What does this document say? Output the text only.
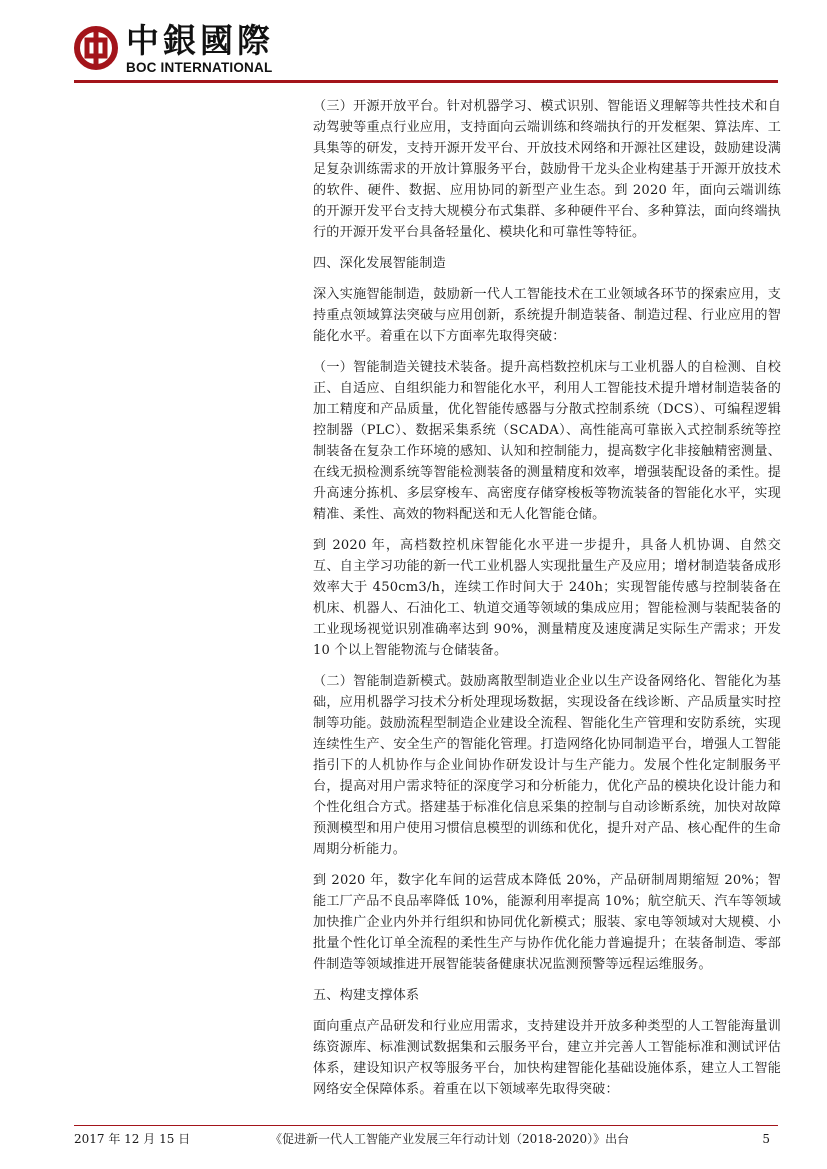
中銀國際
BOC INTERNATIONAL

（三）开源开放平台。针对机器学习、模式识别、智能语义理解等共性技术和自动驾驶等重点行业应用，支持面向云端训练和终端执行的开发框架、算法库、工具集等的研发，支持开源开发平台、开放技术网络和开源社区建设，鼓励建设满足复杂训练需求的开放计算服务平台，鼓励骨干龙头企业构建基于开源开放技术的软件、硬件、数据、应用协同的新型产业生态。到 2020 年，面向云端训练的开源开发平台支持大规模分布式集群、多种硬件平台、多种算法，面向终端执行的开源开发平台具备轻量化、模块化和可靠性等特征。

四、深化发展智能制造

深入实施智能制造，鼓励新一代人工智能技术在工业领域各环节的探索应用，支持重点领域算法突破与应用创新，系统提升制造装备、制造过程、行业应用的智能化水平。着重在以下方面率先取得突破：

（一）智能制造关键技术装备。提升高档数控机床与工业机器人的自检测、自校正、自适应、自组织能力和智能化水平，利用人工智能技术提升增材制造装备的加工精度和产品质量，优化智能传感器与分散式控制系统（DCS）、可编程逻辑控制器（PLC）、数据采集系统（SCADA）、高性能高可靠嵌入式控制系统等控制装备在复杂工作环境的感知、认知和控制能力，提高数字化非接触精密测量、在线无损检测系统等智能检测装备的测量精度和效率，增强装配设备的柔性。提升高速分拣机、多层穿梭车、高密度存储穿梭板等物流装备的智能化水平，实现精准、柔性、高效的物料配送和无人化智能仓储。

到 2020 年，高档数控机床智能化水平进一步提升，具备人机协调、自然交互、自主学习功能的新一代工业机器人实现批量生产及应用；增材制造装备成形效率大于 450cm3/h，连续工作时间大于 240h；实现智能传感与控制装备在机床、机器人、石油化工、轨道交通等领域的集成应用；智能检测与装配装备的工业现场视觉识别准确率达到 90%，测量精度及速度满足实际生产需求；开发 10 个以上智能物流与仓储装备。

（二）智能制造新模式。鼓励离散型制造业企业以生产设备网络化、智能化为基础，应用机器学习技术分析处理现场数据，实现设备在线诊断、产品质量实时控制等功能。鼓励流程型制造企业建设全流程、智能化生产管理和安防系统，实现连续性生产、安全生产的智能化管理。打造网络化协同制造平台，增强人工智能指引下的人机协作与企业间协作研发设计与生产能力。发展个性化定制服务平台，提高对用户需求特征的深度学习和分析能力，优化产品的模块化设计能力和个性化组合方式。搭建基于标准化信息采集的控制与自动诊断系统，加快对故障预测模型和用户使用习惯信息模型的训练和优化，提升对产品、核心配件的生命周期分析能力。

到 2020 年，数字化车间的运营成本降低 20%，产品研制周期缩短 20%；智能工厂产品不良品率降低 10%，能源利用率提高 10%；航空航天、汽车等领域加快推广企业内外并行组织和协同优化新模式；服装、家电等领域对大规模、小批量个性化订单全流程的柔性生产与协作优化能力普遍提升；在装备制造、零部件制造等领域推进开展智能装备健康状况监测预警等远程运维服务。

五、构建支撑体系

面向重点产品研发和行业应用需求，支持建设并开放多种类型的人工智能海量训练资源库、标准测试数据集和云服务平台，建立并完善人工智能标准和测试评估体系，建设知识产权等服务平台，加快构建智能化基础设施体系，建立人工智能网络安全保障体系。着重在以下领域率先取得突破：

2017 年 12 月 15 日	《促进新一代人工智能产业发展三年行动计划（2018-2020）》出台	5
